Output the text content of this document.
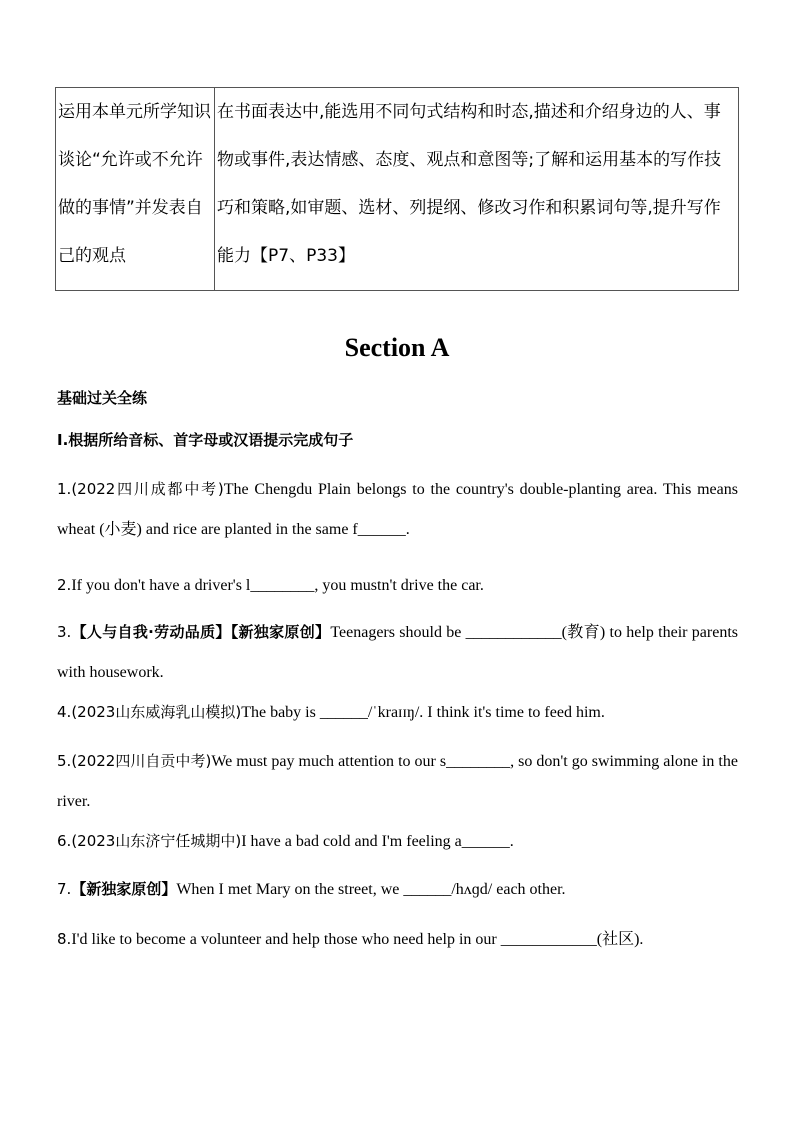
运用本单元所学知识谈论“允许或不允许做的事情”并发表自己的观点	在书面表达中,能选用不同句式结构和时态,描述和介绍身边的人、事物或事件,表达情感、态度、观点和意图等;了解和运用基本的写作技巧和策略,如审题、选材、列提纲、修改习作和积累词句等,提升写作能力【P7、P33】
Section A
基础过关全练
Ⅰ.根据所给音标、首字母或汉语提示完成句子
1.(2022四川成都中考)The Chengdu Plain belongs to the country's double-planting area. This means wheat (小麦) and rice are planted in the same f______.
2.If you don't have a driver's l________, you mustn't drive the car.
3.【人与自我·劳动品质】【新独家原创】Teenagers should be ____________(教育) to help their parents with housework.
4.(2023山东威海乳山模拟)The baby is ______/ˈkraɪɪŋ/. I think it's time to feed him.
5.(2022四川自贡中考)We must pay much attention to our s________, so don't go swimming alone in the river.
6.(2023山东济宁任城期中)I have a bad cold and I'm feeling a______.
7.【新独家原创】When I met Mary on the street, we ______/hʌɡd/ each other.
8.I'd like to become a volunteer and help those who need help in our ____________(社区).
